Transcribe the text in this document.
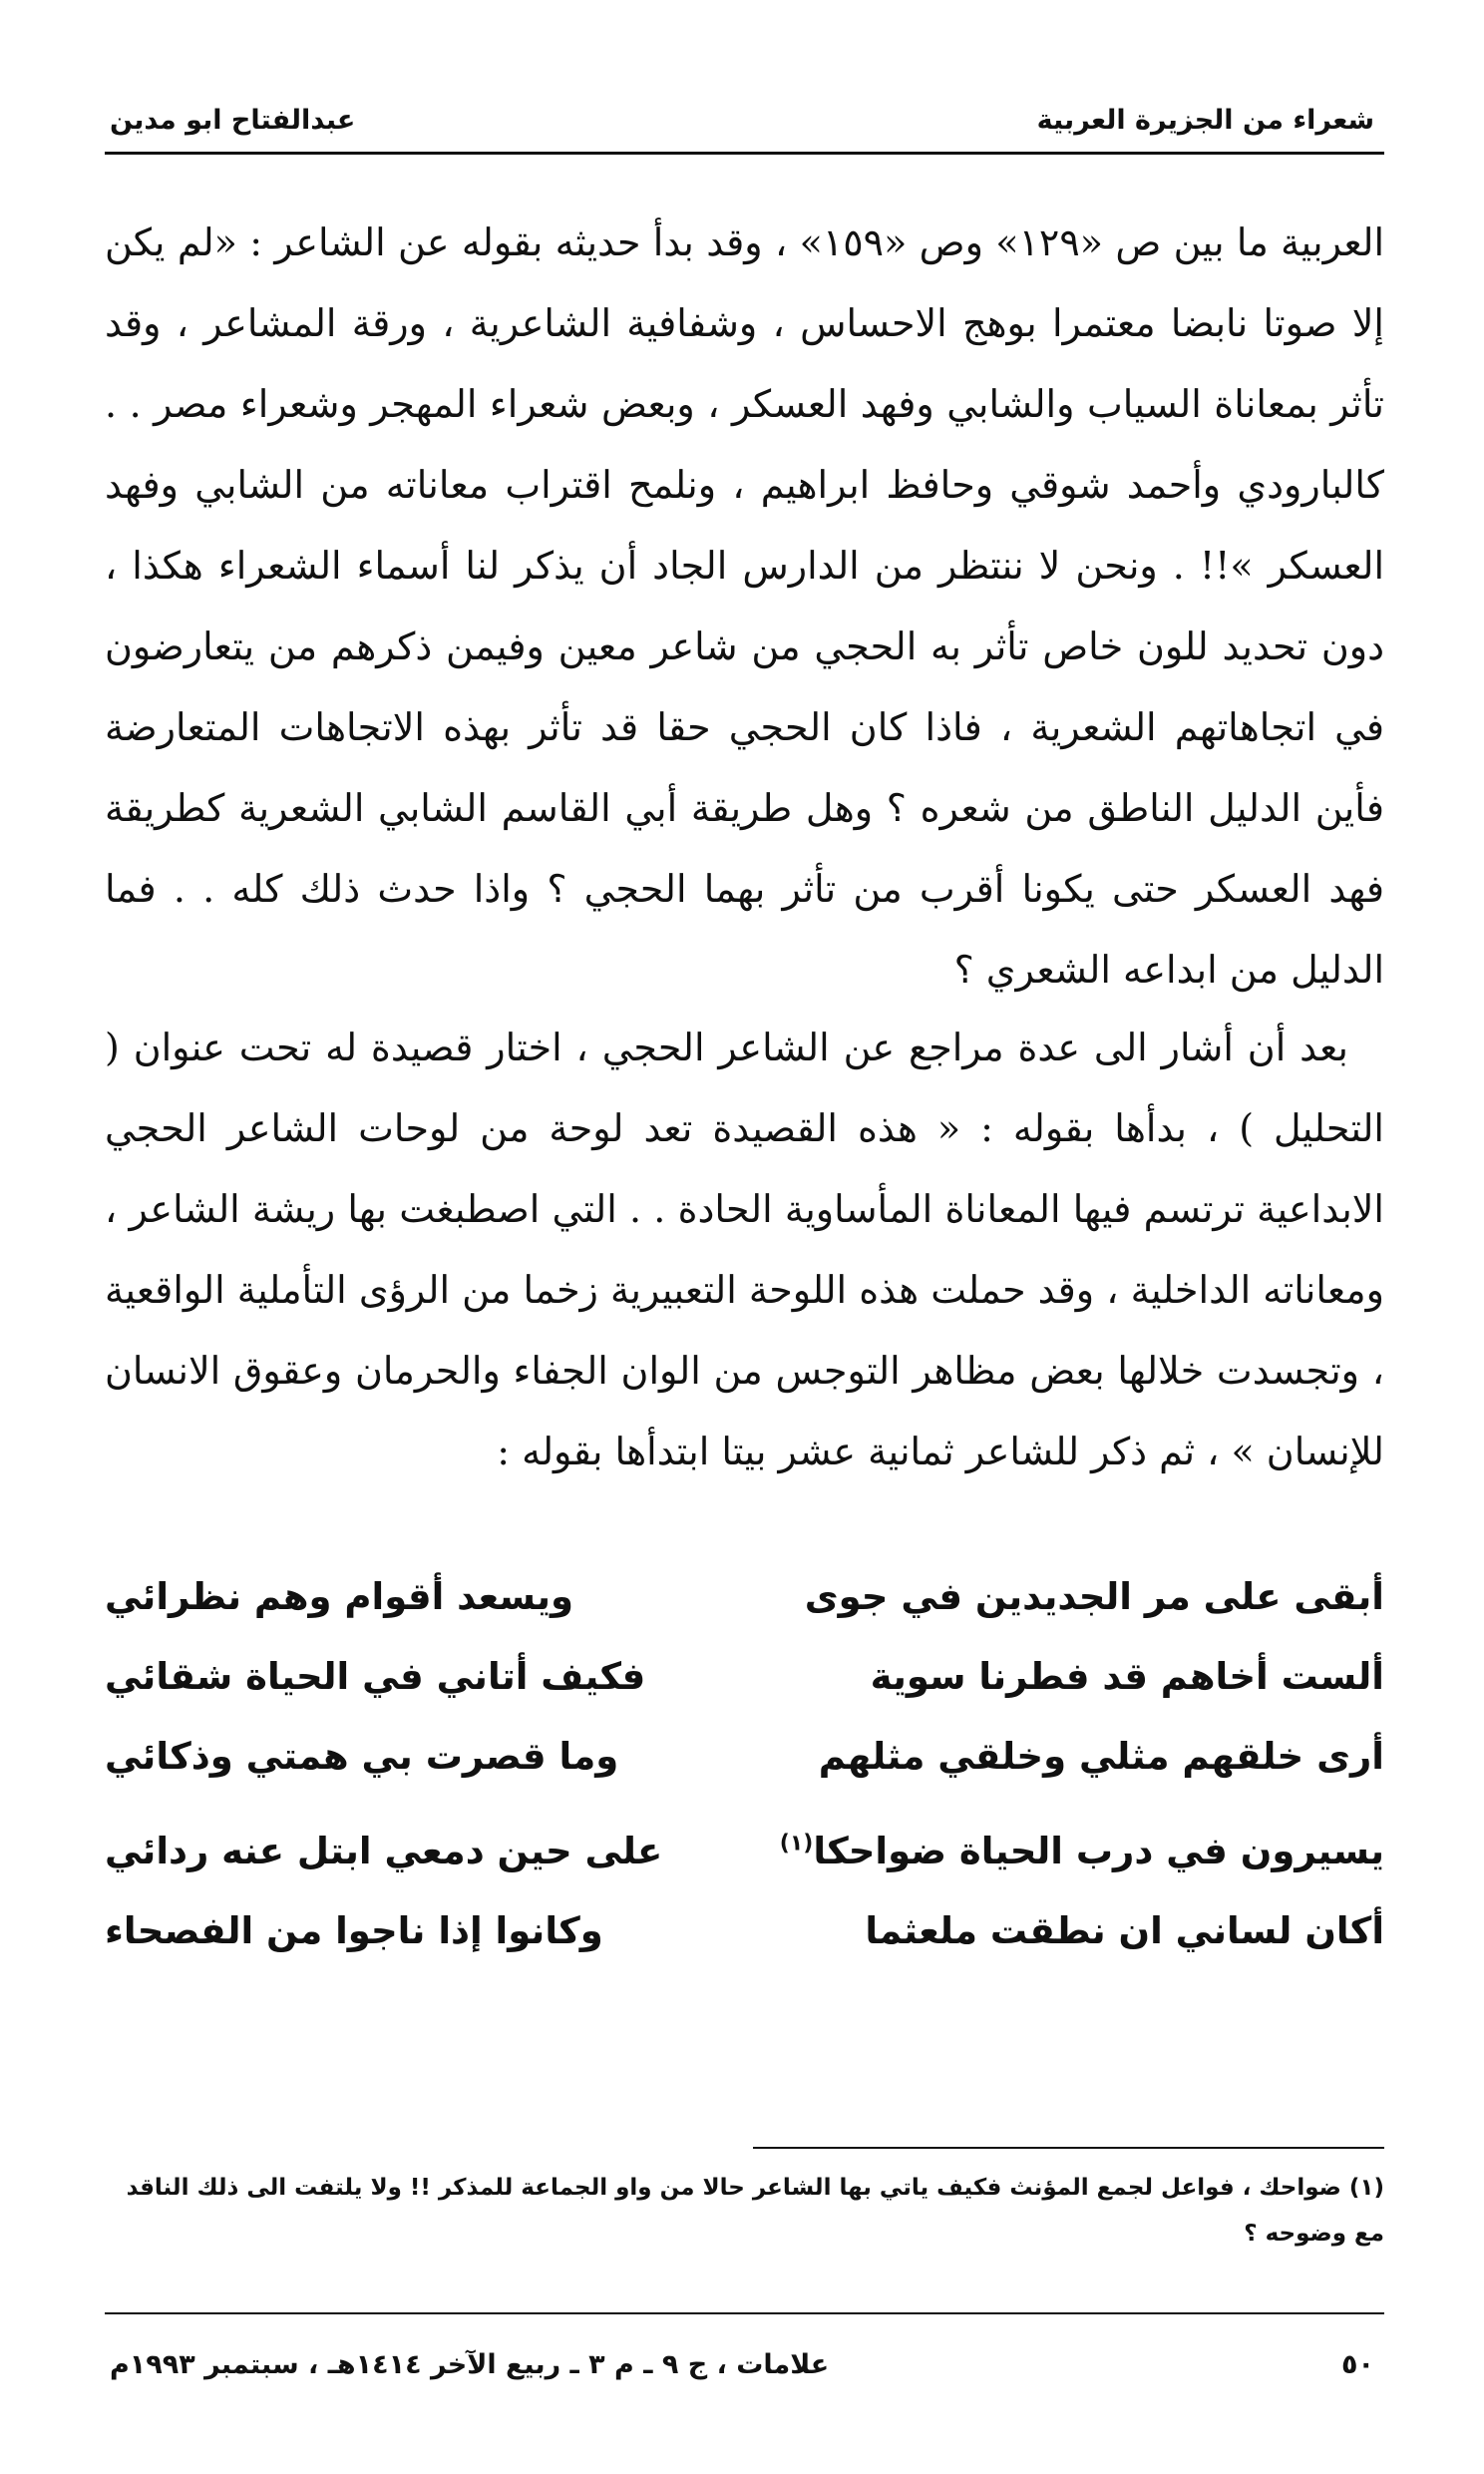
عبدالفتاح ابو مدين	شعراء من الجزيرة العربية

العربية ما بين ص «١٢٩» وص «١٥٩» ، وقد بدأ حديثه بقوله عن الشاعر : «لم يكن إلا صوتا نابضا معتمرا بوهج الاحساس ، وشفافية الشاعرية ، ورقة المشاعر ، وقد تأثر بمعاناة السياب والشابي وفهد العسكر ، وبعض شعراء المهجر وشعراء مصر . . كالبارودي وأحمد شوقي وحافظ ابراهيم ، ونلمح اقتراب معاناته من الشابي وفهد العسكر »!! . ونحن لا ننتظر من الدارس الجاد أن يذكر لنا أسماء الشعراء هكذا ، دون تحديد للون خاص تأثر به الحجي من شاعر معين وفيمن ذكرهم من يتعارضون في اتجاهاتهم الشعرية ، فاذا كان الحجي حقا قد تأثر بهذه الاتجاهات المتعارضة فأين الدليل الناطق من شعره ؟ وهل طريقة أبي القاسم الشابي الشعرية كطريقة فهد العسكر حتى يكونا أقرب من تأثر بهما الحجي ؟ واذا حدث ذلك كله . . فما الدليل من ابداعه الشعري ؟

بعد أن أشار الى عدة مراجع عن الشاعر الحجي ، اختار قصيدة له تحت عنوان ( التحليل ) ، بدأها بقوله : « هذه القصيدة تعد لوحة من لوحات الشاعر الحجي الابداعية ترتسم فيها المعاناة المأساوية الحادة . . التي اصطبغت بها ريشة الشاعر ، ومعاناته الداخلية ، وقد حملت هذه اللوحة التعبيرية زخما من الرؤى التأملية الواقعية ، وتجسدت خلالها بعض مظاهر التوجس من الوان الجفاء والحرمان وعقوق الانسان للإنسان » ، ثم ذكر للشاعر ثمانية عشر بيتا ابتدأها بقوله :

أبقى على مر الجديدين في جوى
ويسعد أقوام وهم نظرائي
ألست أخاهم قد فطرنا سوية
فكيف أتاني في الحياة شقائي
أرى خلقهم مثلي وخلقي مثلهم
وما قصرت بي همتي وذكائي
يسيرون في درب الحياة ضواحكا$^{(١)}$
على حين دمعي ابتل عنه ردائي
أكان لساني ان نطقت ملعثما
وكانوا إذا ناجوا من الفصحاء
(١) ضواحك ، فواعل لجمع المؤنث فكيف ياتي بها الشاعر حالا من واو الجماعة للمذكر !! ولا يلتفت الى ذلك الناقد مع وضوحه ؟
علامات ، ج ٩ ـ م ٣ ـ ربيع الآخر ١٤١٤هـ ، سبتمبر ١٩٩٣م	٥٠
